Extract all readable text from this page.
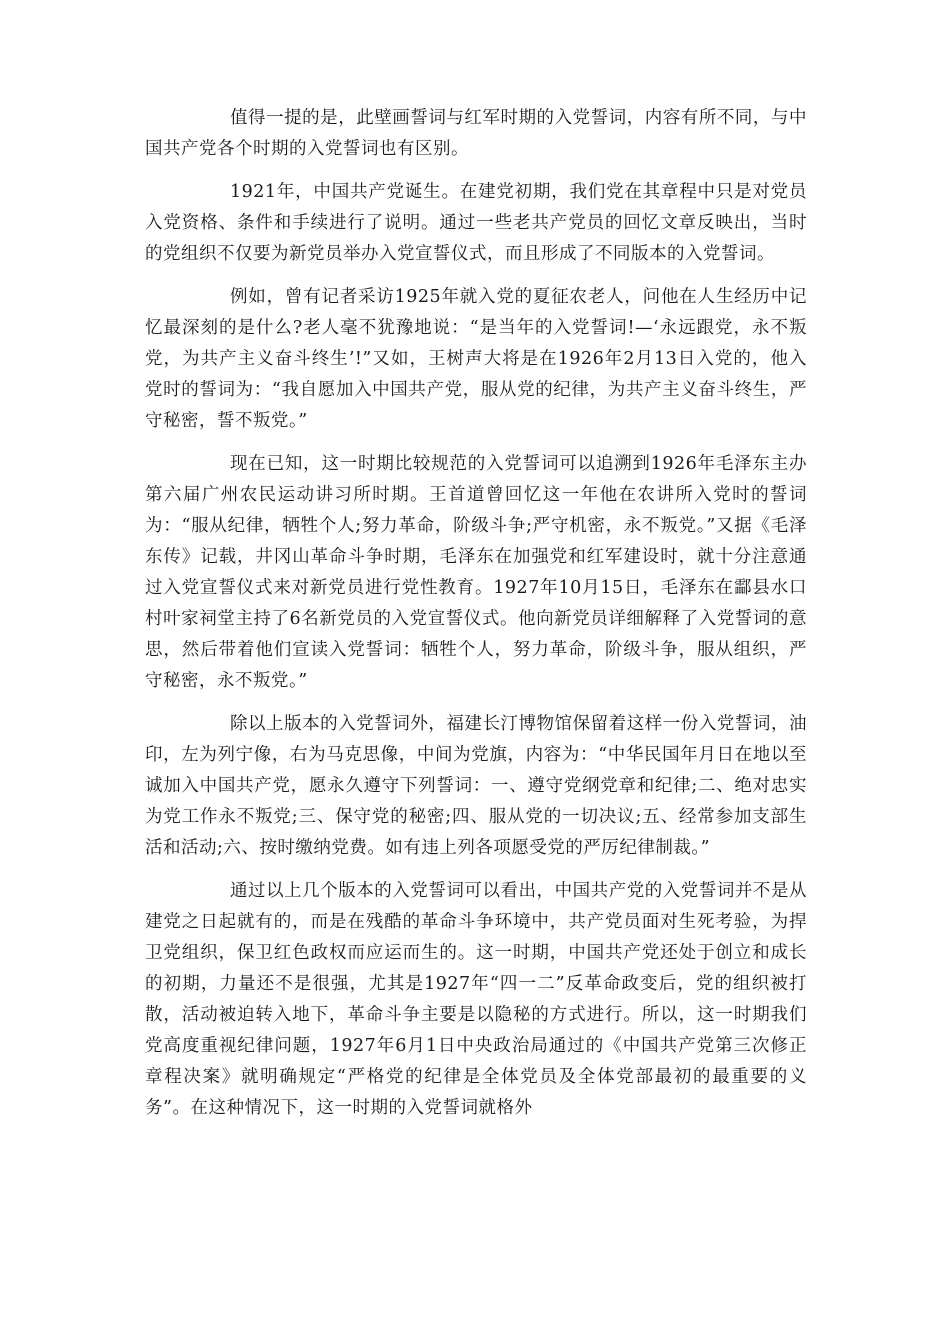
值得一提的是，此壁画誓词与红军时期的入党誓词，内容有所不同，与中国共产党各个时期的入党誓词也有区别。

1921年，中国共产党诞生。在建党初期，我们党在其章程中只是对党员入党资格、条件和手续进行了说明。通过一些老共产党员的回忆文章反映出，当时的党组织不仅要为新党员举办入党宣誓仪式，而且形成了不同版本的入党誓词。

例如，曾有记者采访1925年就入党的夏征农老人，问他在人生经历中记忆最深刻的是什么?老人毫不犹豫地说：“是当年的入党誓词!—‘永远跟党，永不叛党，为共产主义奋斗终生’!”又如，王树声大将是在1926年2月13日入党的，他入党时的誓词为：“我自愿加入中国共产党，服从党的纪律，为共产主义奋斗终生，严守秘密，誓不叛党。”

现在已知，这一时期比较规范的入党誓词可以追溯到1926年毛泽东主办第六届广州农民运动讲习所时期。王首道曾回忆这一年他在农讲所入党时的誓词为：“服从纪律，牺牲个人;努力革命，阶级斗争;严守机密，永不叛党。”又据《毛泽东传》记载，井冈山革命斗争时期，毛泽东在加强党和红军建设时，就十分注意通过入党宣誓仪式来对新党员进行党性教育。1927年10月15日，毛泽东在酃县水口村叶家祠堂主持了6名新党员的入党宣誓仪式。他向新党员详细解释了入党誓词的意思，然后带着他们宣读入党誓词：牺牲个人，努力革命，阶级斗争，服从组织，严守秘密，永不叛党。”

除以上版本的入党誓词外，福建长汀博物馆保留着这样一份入党誓词，油印，左为列宁像，右为马克思像，中间为党旗，内容为：“中华民国年月日在地以至诚加入中国共产党，愿永久遵守下列誓词：一、遵守党纲党章和纪律;二、绝对忠实为党工作永不叛党;三、保守党的秘密;四、服从党的一切决议;五、经常参加支部生活和活动;六、按时缴纳党费。如有违上列各项愿受党的严厉纪律制裁。”

通过以上几个版本的入党誓词可以看出，中国共产党的入党誓词并不是从建党之日起就有的，而是在残酷的革命斗争环境中，共产党员面对生死考验，为捍卫党组织，保卫红色政权而应运而生的。这一时期，中国共产党还处于创立和成长的初期，力量还不是很强，尤其是1927年“四一二”反革命政变后，党的组织被打散，活动被迫转入地下，革命斗争主要是以隐秘的方式进行。所以，这一时期我们党高度重视纪律问题，1927年6月1日中央政治局通过的《中国共产党第三次修正章程决案》就明确规定“严格党的纪律是全体党员及全体党部最初的最重要的义务”。在这种情况下，这一时期的入党誓词就格外
